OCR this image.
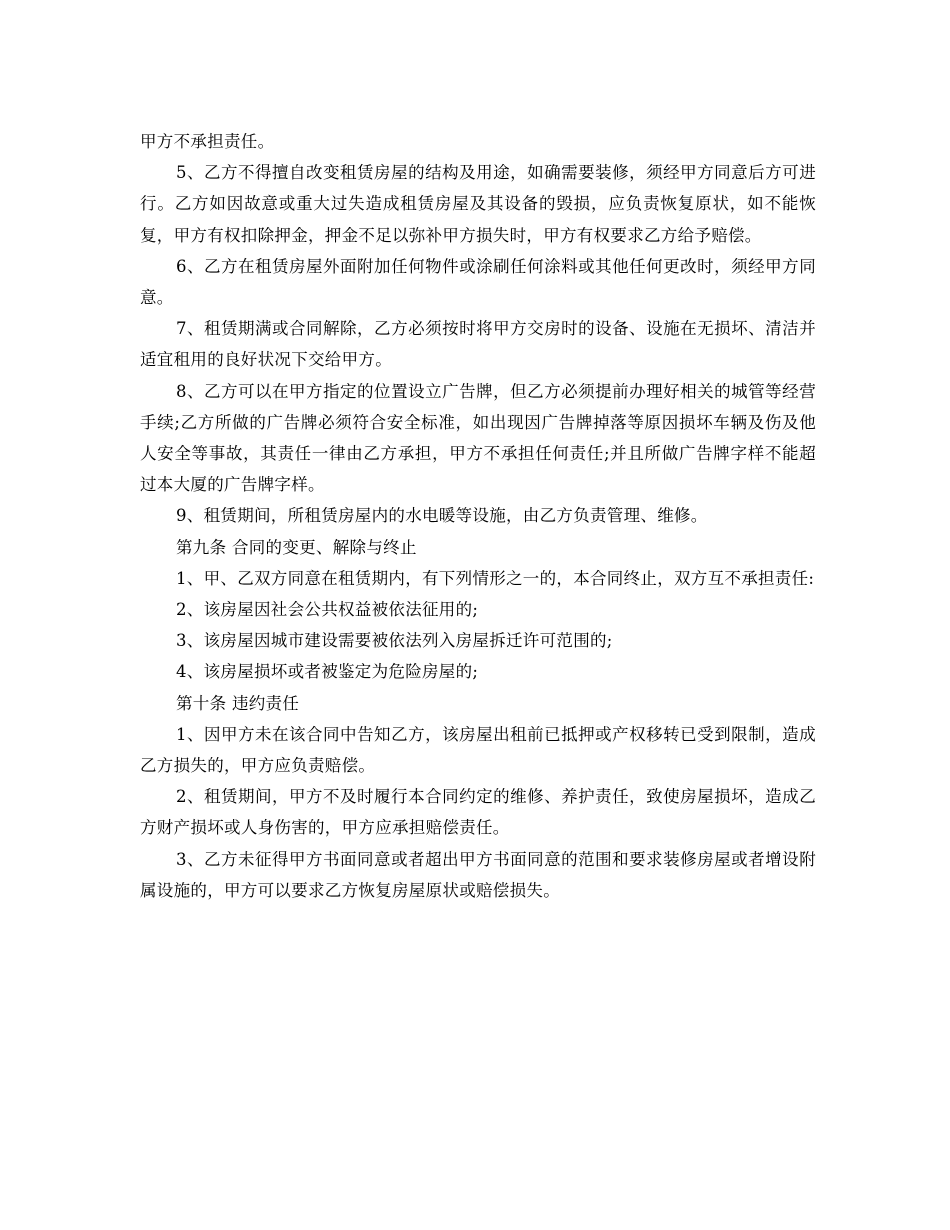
甲方不承担责任。

5、乙方不得擅自改变租赁房屋的结构及用途，如确需要装修，须经甲方同意后方可进行。乙方如因故意或重大过失造成租赁房屋及其设备的毁损，应负责恢复原状，如不能恢复，甲方有权扣除押金，押金不足以弥补甲方损失时，甲方有权要求乙方给予赔偿。

6、乙方在租赁房屋外面附加任何物件或涂刷任何涂料或其他任何更改时，须经甲方同意。

7、租赁期满或合同解除，乙方必须按时将甲方交房时的设备、设施在无损坏、清洁并适宜租用的良好状况下交给甲方。

8、乙方可以在甲方指定的位置设立广告牌，但乙方必须提前办理好相关的城管等经营手续;乙方所做的广告牌必须符合安全标准，如出现因广告牌掉落等原因损坏车辆及伤及他人安全等事故，其责任一律由乙方承担，甲方不承担任何责任;并且所做广告牌字样不能超过本大厦的广告牌字样。

9、租赁期间，所租赁房屋内的水电暖等设施，由乙方负责管理、维修。

第九条 合同的变更、解除与终止

1、甲、乙双方同意在租赁期内，有下列情形之一的，本合同终止，双方互不承担责任:

2、该房屋因社会公共权益被依法征用的;

3、该房屋因城市建设需要被依法列入房屋拆迁许可范围的;

4、该房屋损坏或者被鉴定为危险房屋的;

第十条 违约责任

1、因甲方未在该合同中告知乙方，该房屋出租前已抵押或产权移转已受到限制，造成乙方损失的，甲方应负责赔偿。

2、租赁期间，甲方不及时履行本合同约定的维修、养护责任，致使房屋损坏，造成乙方财产损坏或人身伤害的，甲方应承担赔偿责任。

3、乙方未征得甲方书面同意或者超出甲方书面同意的范围和要求装修房屋或者增设附属设施的，甲方可以要求乙方恢复房屋原状或赔偿损失。
